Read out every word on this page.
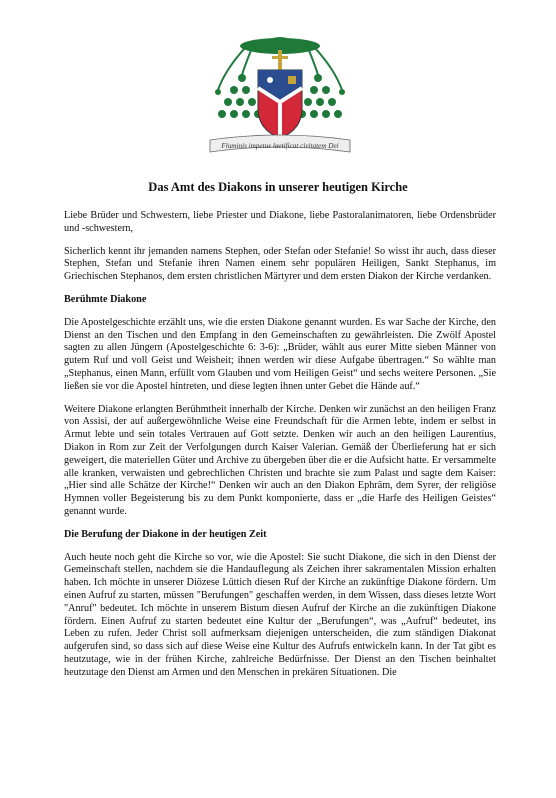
Fluminis impetus laetificat civitatem Dei
Das Amt des Diakons in unserer heutigen Kirche

Liebe Brüder und Schwestern, liebe Priester und Diakone, liebe Pastoralanimatoren, liebe Ordensbrüder und -schwestern,

Sicherlich kennt ihr jemanden namens Stephen, oder Stefan oder Stefanie! So wisst ihr auch, dass dieser Stephen, Stefan und Stefanie ihren Namen einem sehr populären Heiligen, Sankt Stephanus, im Griechischen Stephanos, dem ersten christlichen Märtyrer und dem ersten Diakon der Kirche verdanken.

Berühmte Diakone

Die Apostelgeschichte erzählt uns, wie die ersten Diakone genannt wurden. Es war Sache der Kirche, den Dienst an den Tischen und den Empfang in den Gemeinschaften zu gewährleisten. Die Zwölf Apostel sagten zu allen Jüngern (Apostelgeschichte 6: 3-6): „Brüder, wählt aus eurer Mitte sieben Männer von gutem Ruf und voll Geist und Weisheit; ihnen werden wir diese Aufgabe übertragen.“ So wählte man „Stephanus, einen Mann, erfüllt vom Glauben und vom Heiligen Geist“ und sechs weitere Personen. „Sie ließen sie vor die Apostel hintreten, und diese legten ihnen unter Gebet die Hände auf.“

Weitere Diakone erlangten Berühmtheit innerhalb der Kirche. Denken wir zunächst an den heiligen Franz von Assisi, der auf außergewöhnliche Weise eine Freundschaft für die Armen lebte, indem er selbst in Armut lebte und sein totales Vertrauen auf Gott setzte. Denken wir auch an den heiligen Laurentius, Diakon in Rom zur Zeit der Verfolgungen durch Kaiser Valerian. Gemäß der Überlieferung hat er sich geweigert, die materiellen Güter und Archive zu übergeben über die er die Aufsicht hatte. Er versammelte alle kranken, verwaisten und gebrechlichen Christen und brachte sie zum Palast und sagte dem Kaiser: „Hier sind alle Schätze der Kirche!“ Denken wir auch an den Diakon Ephräm, dem Syrer, der religiöse Hymnen voller Begeisterung bis zu dem Punkt komponierte, dass er „die Harfe des Heiligen Geistes“ genannt wurde.

Die Berufung der Diakone in der heutigen Zeit

Auch heute noch geht die Kirche so vor, wie die Apostel: Sie sucht Diakone, die sich in den Dienst der Gemeinschaft stellen, nachdem sie die Handauflegung als Zeichen ihrer sakramentalen Mission erhalten haben. Ich möchte in unserer Diözese Lüttich diesen Ruf der Kirche an zukünftige Diakone fördern. Um einen Aufruf zu starten, müssen "Berufungen" geschaffen werden, in dem Wissen, dass dieses letzte Wort "Anruf" bedeutet. Ich möchte in unserem Bistum diesen Aufruf der Kirche an die zukünftigen Diakone fördern. Einen Aufruf zu starten bedeutet eine Kultur der „Berufungen“, was „Aufruf“ bedeutet, ins Leben zu rufen. Jeder Christ soll aufmerksam diejenigen unterscheiden, die zum ständigen Diakonat aufgerufen sind, so dass sich auf diese Weise eine Kultur des Aufrufs entwickeln kann. In der Tat gibt es heutzutage, wie in der frühen Kirche, zahlreiche Bedürfnisse. Der Dienst an den Tischen beinhaltet heutzutage den Dienst am Armen und den Menschen in prekären Situationen. Die
